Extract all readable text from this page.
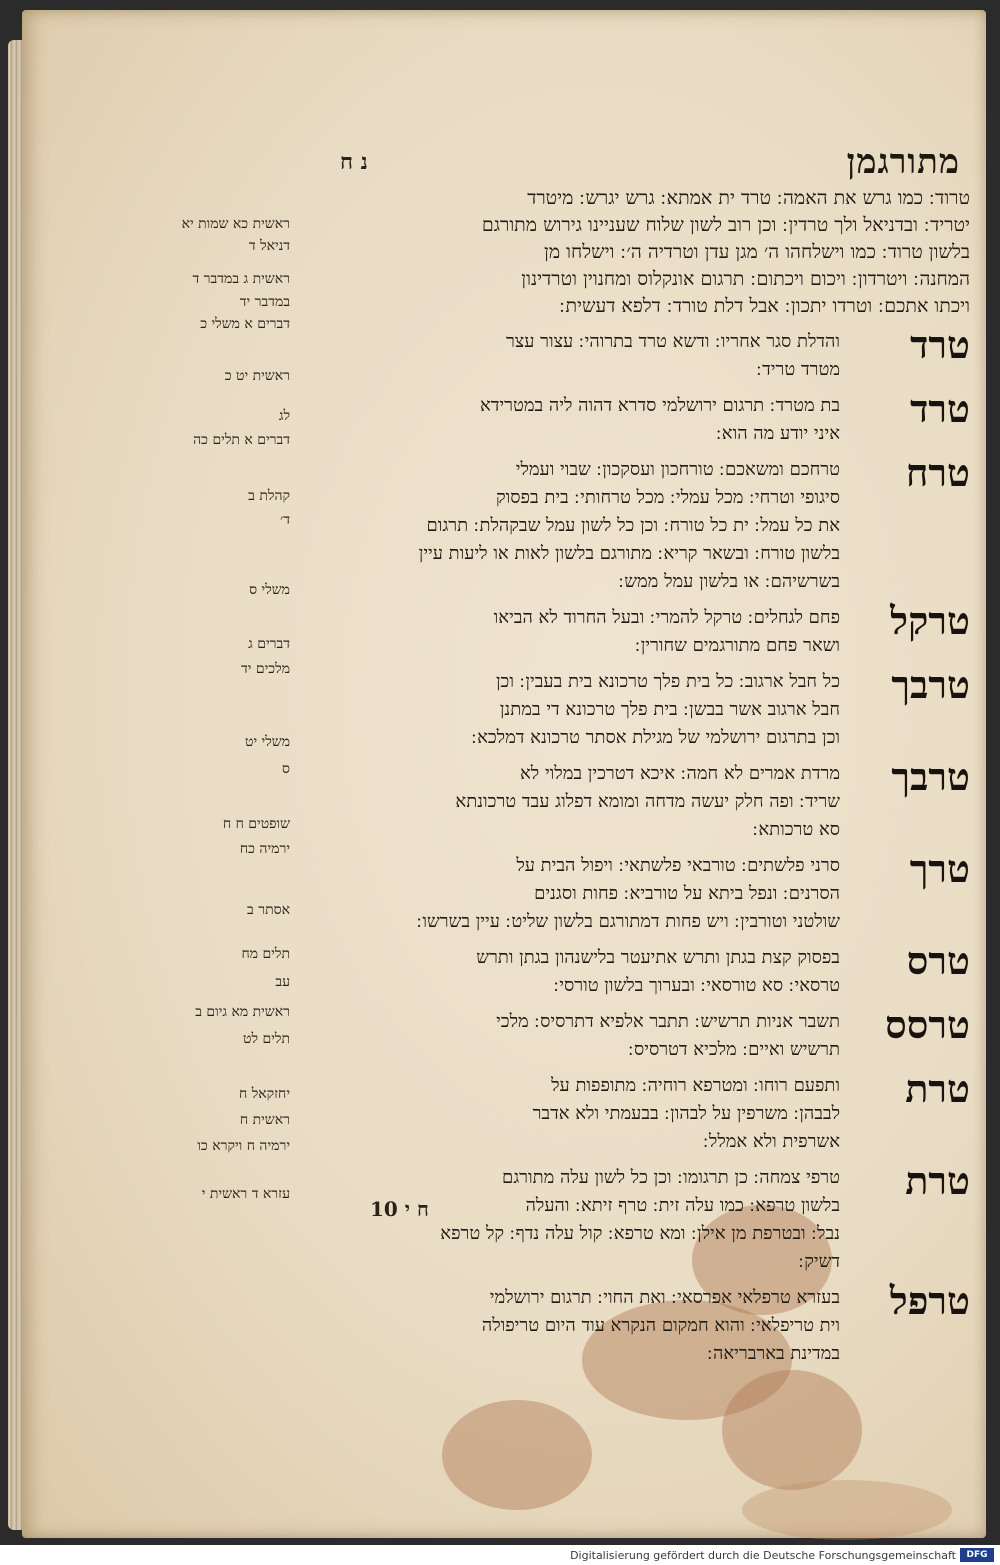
נ ח	מתורגמן
טרוד ׃ כמו גרש את האמה ׃ טרד ית אמתא ׃ גרש יגרש ׃ מיטרד
יטריד ׃ ובדניאל ולך טרדין ׃ וכן רוב לשון שלוח שעניינו גירוש מתורגם
בלשון טרוד ׃ כמו וישלחהו ה׳ מגן עדן וטרדיה ה׳ ׃ וישלחו מן
המחנה ׃ ויטרדון ׃ ויכום ויכתום ׃ תרגום אונקלוס ומחנוין וטרדינון
ויכתו אתכם ׃ וטרדו יתכון ׃ אבל דלת טורד ׃ דלפא דעשית ׃
טרד
והדלת סגר אחריו ׃ ודשא טרד בתרוהי ׃ עצור עצר
מטרד טריד ׃
טרד
בת מטרד ׃ תרגום ירושלמי סדרא דהוה ליה במטרידא
איני יודע מה הוא ׃
טרח
טרחכם ומשאכם ׃ טורחכון ועסקכון ׃ שבוי ועמלי
סיגופי וטרחי ׃ מכל עמלי ׃ מכל טרחותי ׃ בית בפסוק
את כל עמל ׃ ית כל טורח ׃ וכן כל לשון עמל שבקהלת ׃ תרגום
בלשון טורח ׃ ובשאר קריא ׃ מתורגם בלשון לאות או ליעות עיין
בשרשיהם ׃ או בלשון עמל ממש ׃
טרקל
פחם לגחלים ׃ טרקל להמרי ׃ ובעל החרוד לא הביאו
ושאר פחם מתורגמים שחורין ׃
טרבך
כל חבל ארגוב ׃ כל בית פלך טרכונא בית בעבין ׃ וכן
חבל ארגוב אשר בבשן ׃ בית פלך טרכונא די במתנן
וכן בתרגום ירושלמי של מגילת אסתר טרכונא דמלכא ׃
טרבך
מרדת אמרים לא חמה ׃ איכא דטרכין במלוי לא
שריד ׃ ופה חלק יעשה מדחה ומומא דפלוג עבד טרכונתא
סא טרכותא ׃
טרך
סרני פלשתים ׃ טורבאי פלשתאי ׃ ויפול הבית על
הסרנים ׃ ונפל ביתא על טורביא ׃ פחות וסגנים
שולטני וטורבין ׃ ויש פחות דמתורגם בלשון שליט ׃ עיין בשרשו ׃
טרס
בפסוק קצת בגתן ותרש אתיעטר בלישנהון בגתן ותרש
טרסאי ׃ סא טורסאי ׃ ובערוך בלשון טורסי ׃
טרסס
תשבר אניות תרשיש ׃ תתבר אלפיא דתרסיס ׃ מלכי
תרשיש ואיים ׃ מלכיא דטרסיס ׃
טרת
ותפעם רוחו ׃ ומטרפא רוחיה ׃ מתופפות על
לבבהן ׃ משרפין על לבהון ׃ בבעמתי ולא אדבר
אשרפית ולא אמלל ׃
טרת
טרפי צמחה ׃ כן תרגומו ׃ וכן כל לשון עלה מתורגם
בלשון טרפא ׃ כמו עלה זית ׃ טרף זיתא ׃ והעלה
נבל ׃ ובטרפת מן אילן ׃ ומא טרפא ׃ קול עלה נדף ׃ קל טרפא
דשיק ׃
טרפל
בעזרא טרפלאי אפרסאי ׃ ואת החוי ׃ תרגום ירושלמי
וית טריפלאי ׃ והוא חמקום הנקרא עוד היום טריפולה
במדינת בארבריאה ׃
ראשית כא שמות יא
דניאל ד
ראשית ג במדבר ד
במדבר יד
דברים א משלי כ
ראשית יט כ
לג
דברים א תלים כה
קהלת ב
ד׳
משלי ס
דברים ג
מלכים יד
משלי יט
ס
שופטים ח ח
ירמיה כח
אסתר ב
תלים מח
עב
ראשית מא גיום ב
תלים לט
יחזקאל ח
ראשית ח
ירמיה ח ויקרא כו
עזרא ד ראשית י
ח י 10
Digitalisierung gefördert durch die Deutsche Forschungsgemeinschaft	DFG
